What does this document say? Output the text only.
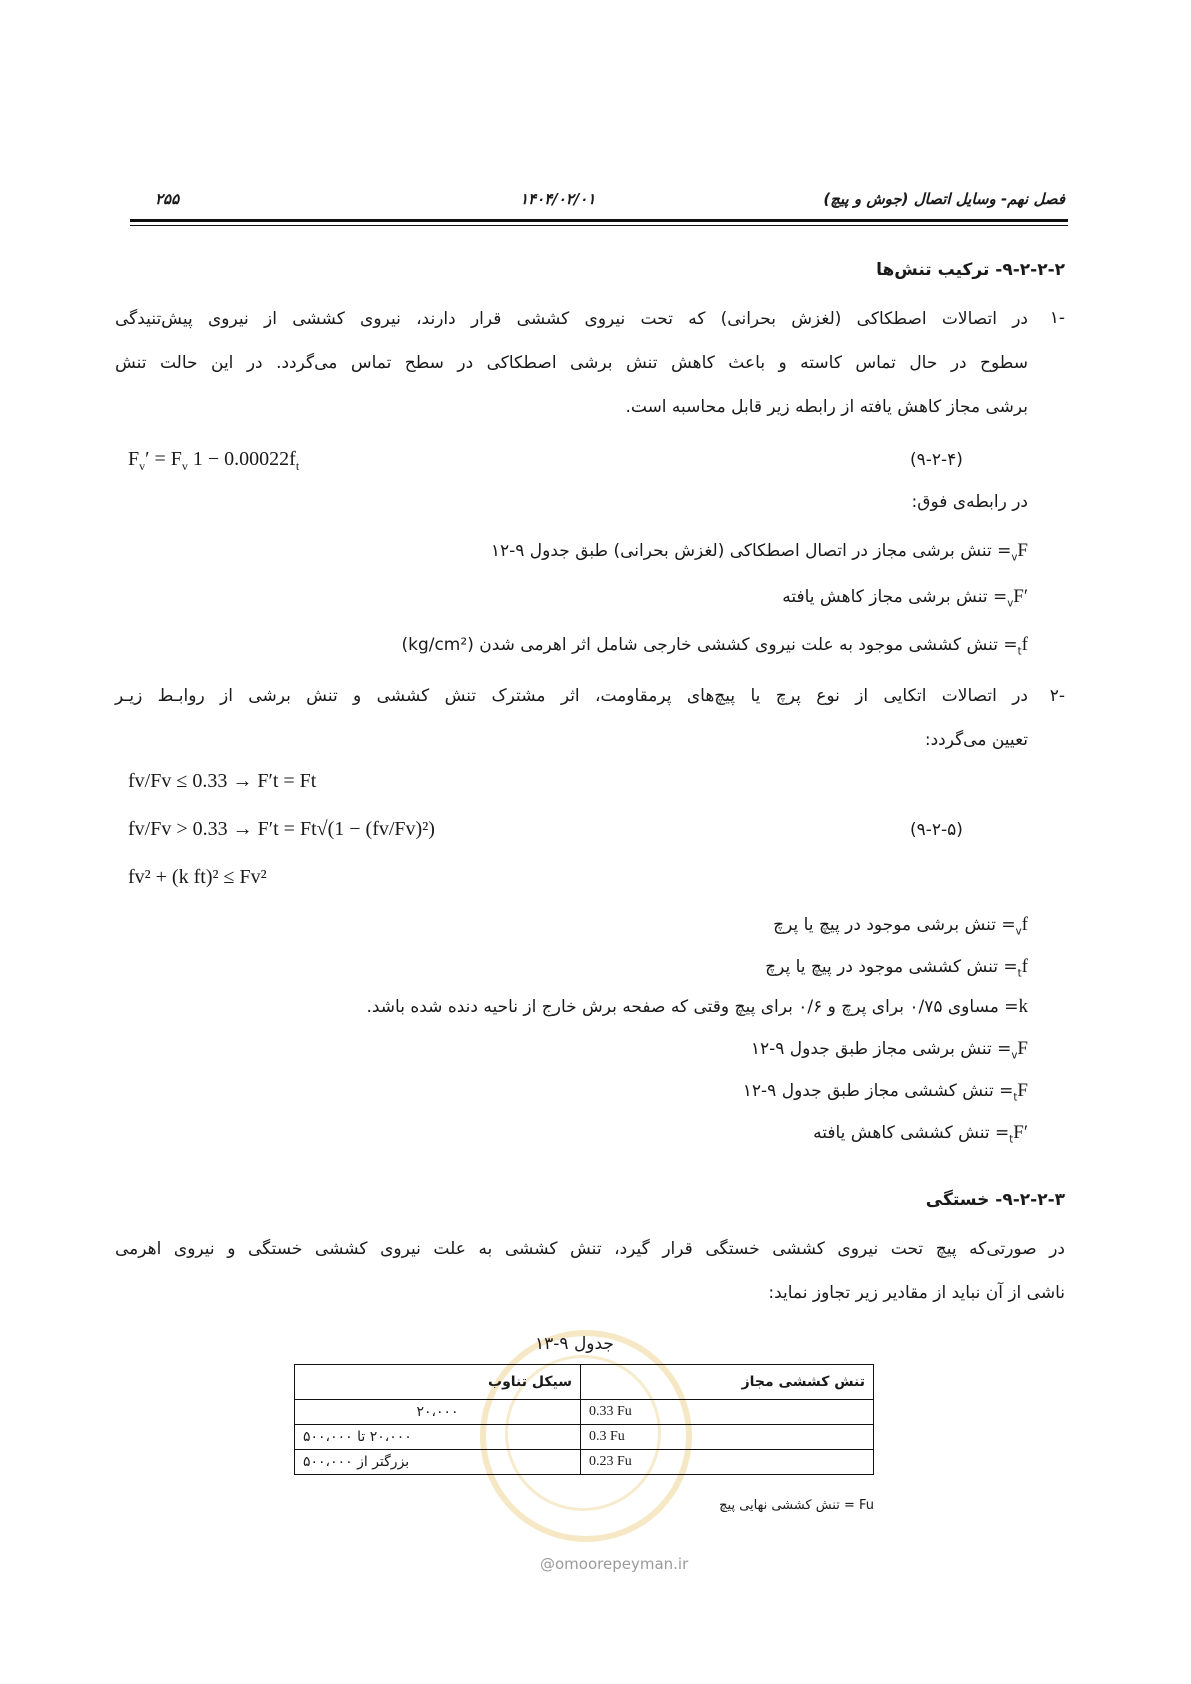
۲۵۵	۱۴۰۴/۰۲/۰۱	فصل نهم- وسایل اتصال (جوش و پیچ)
۹-۲-۲-۲- ترکیب تنش‌ها
۱-
در اتصالات اصطکاکی (لغزش بحرانی) که تحت نیروی کششی قرار دارند، نیروی کششی از نیروی پیش‌تنیدگی
سطوح در حال تماس کاسته و باعث کاهش تنش برشی اصطکاکی در سطح تماس می‌گردد. در این حالت تنش
برشی مجاز کاهش یافته از رابطه زیر قابل محاسبه است.
$F_v' = F_v$ $1 - 0.00022f_t$	(۹-۲-۴)
در رابطه‌ی فوق:
$F_v=$ تنش برشی مجاز در اتصال اصطکاکی (لغزش بحرانی) طبق جدول ۹-۱۲
$F'_v=$ تنش برشی مجاز کاهش یافته
$f_t=$ تنش کششی موجود به علت نیروی کششی خارجی شامل اثر اهرمی شدن (kg/cm²)
۲-
در اتصالات اتکایی از نوع پرچ یا پیچ‌های پرمقاومت، اثر مشترک تنش کششی و تنش برشی از روابـط زیـر
تعیین می‌گردد:
fv/Fv ≤ 0.33 → F′t = Ft
fv/Fv > 0.33 → F′t = Ft√(1 − (fv/Fv)²)
fv² + (k ft)² ≤ Fv²
(۹-۲-۵)
$f_v=$ تنش برشی موجود در پیچ یا پرچ
$f_t=$ تنش کششی موجود در پیچ یا پرچ
k= مساوی ۰/۷۵ برای پرچ و ۰/۶ برای پیچ وقتی که صفحه برش خارج از ناحیه دنده شده باشد.
$F_v=$ تنش برشی مجاز طبق جدول ۹-۱۲
$F_t=$ تنش کششی مجاز طبق جدول ۹-۱۲
$F'_t=$ تنش کششی کاهش یافته
۹-۲-۲-۳- خستگی
در صورتی‌که پیچ تحت نیروی کششی خستگی قرار گیرد، تنش کششی به علت نیروی کششی خستگی و نیروی اهرمی
ناشی از آن نباید از مقادیر زیر تجاوز نماید:
جدول ۹-۱۳
تنش کششی مجاز	سیکل تناوب
0.33 Fu	۲۰،۰۰۰
0.3 Fu	۲۰،۰۰۰ تا ۵۰۰،۰۰۰
0.23 Fu	بزرگتر از ۵۰۰،۰۰۰
Fu = تنش کششی نهایی پیچ
@omoorepeyman.ir
